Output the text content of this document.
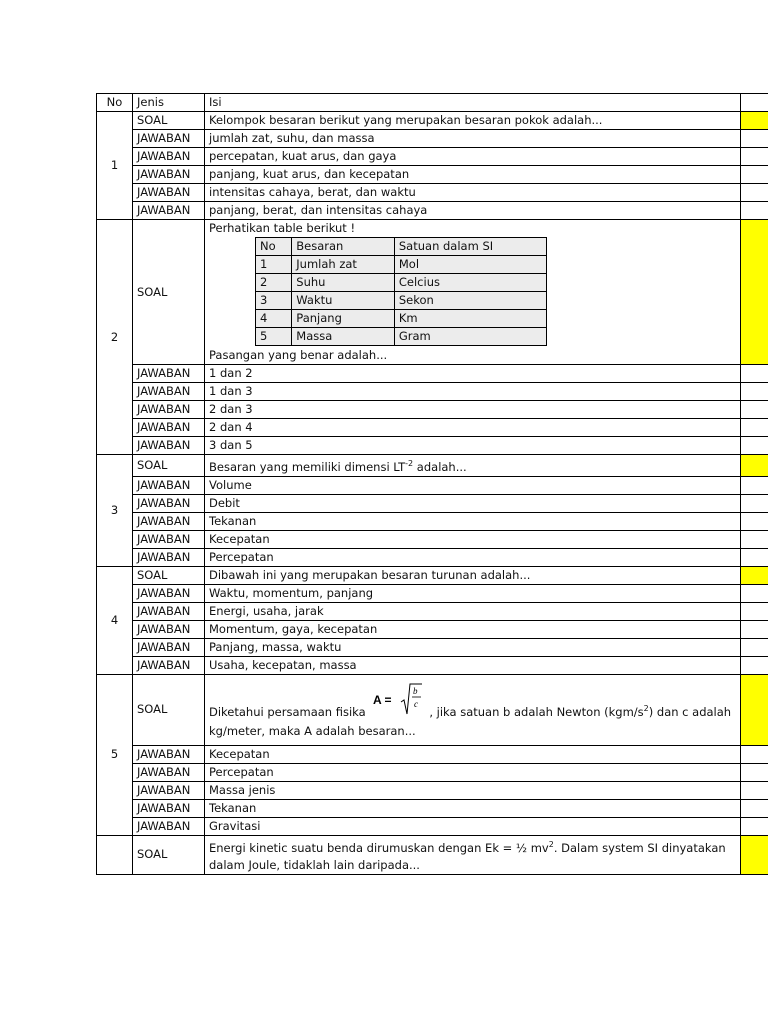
No	Jenis	Isi	
1	SOAL	Kelompok besaran berikut yang merupakan besaran pokok adalah...	
JAWABAN	jumlah zat, suhu, dan massa	
JAWABAN	percepatan, kuat arus, dan gaya	
JAWABAN	panjang, kuat arus, dan kecepatan	
JAWABAN	intensitas cahaya, berat, dan waktu	
JAWABAN	panjang, berat, dan intensitas cahaya	
2	SOAL	
Perhatikan table berikut !
No	Besaran	Satuan dalam SI
1	Jumlah zat	Mol
2	Suhu	Celcius
3	Waktu	Sekon
4	Panjang	Km
5	Massa	Gram
Pasangan yang benar adalah...

JAWABAN	1 dan 2	
JAWABAN	1 dan 3	
JAWABAN	2 dan 3	
JAWABAN	2 dan 4	
JAWABAN	3 dan 5	
3	SOAL	Besaran yang memiliki dimensi $LT^{-2}$ adalah...	
JAWABAN	Volume	
JAWABAN	Debit	
JAWABAN	Tekanan	
JAWABAN	Kecepatan	
JAWABAN	Percepatan	
4	SOAL	Dibawah ini yang merupakan besaran turunan adalah...	
JAWABAN	Waktu, momentum, panjang	
JAWABAN	Energi, usaha, jarak	
JAWABAN	Momentum, gaya, kecepatan	
JAWABAN	Panjang, massa, waktu	
JAWABAN	Usaha, kecepatan, massa	
5	SOAL	Diketahui persamaan fisika
A =
b
c
, jika satuan b adalah Newton $(kgm/s^2)$ dan c adalah
kg/meter, maka A adalah besaran...

JAWABAN	Kecepatan	
JAWABAN	Percepatan	
JAWABAN	Massa jenis	
JAWABAN	Tekanan	
JAWABAN	Gravitasi	
	SOAL	Energi kinetic suatu benda dirumuskan dengan Ek = ½ $mv^2$. Dalam system SI dinyatakan
dalam Joule, tidaklah lain daripada...
